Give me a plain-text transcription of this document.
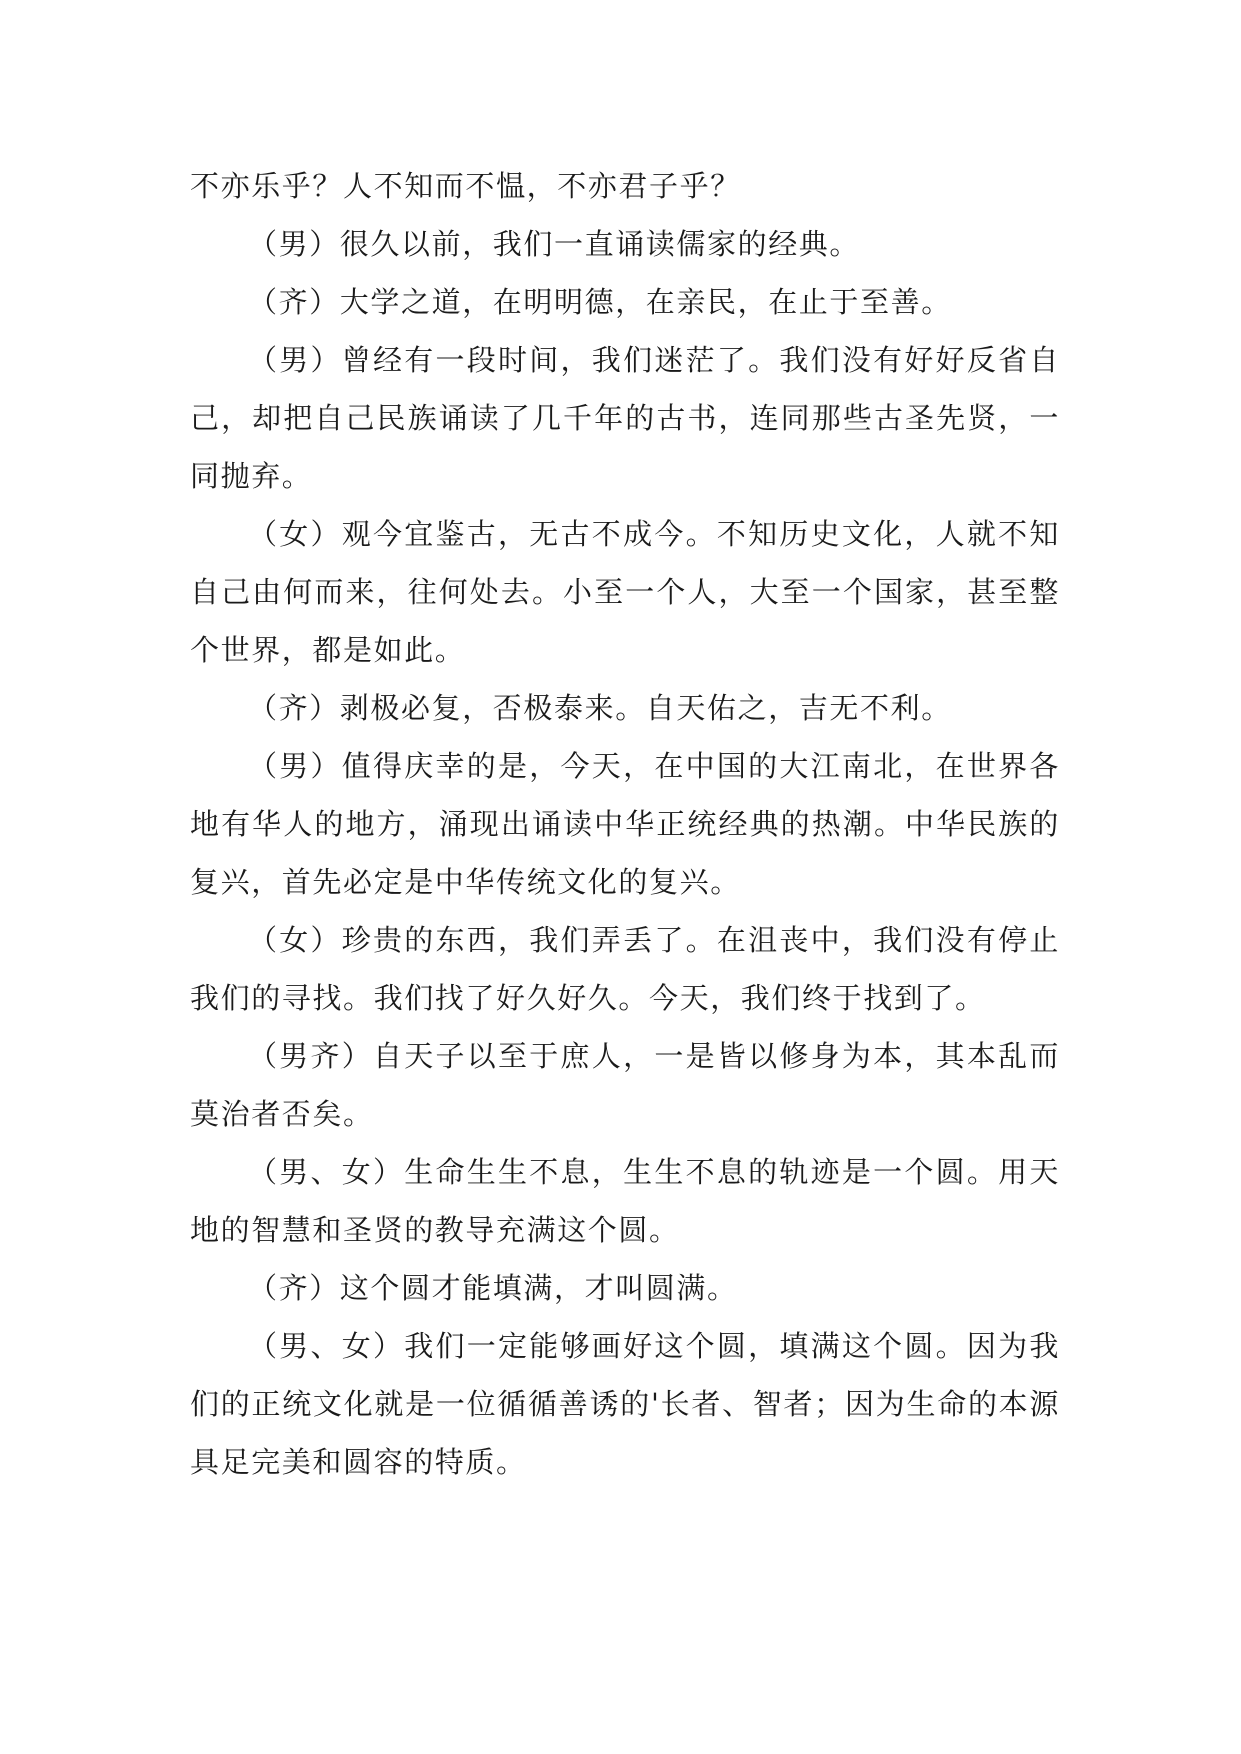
不亦乐乎？人不知而不愠，不亦君子乎？

（男）很久以前，我们一直诵读儒家的经典。

（齐）大学之道，在明明德，在亲民，在止于至善。

（男）曾经有一段时间，我们迷茫了。我们没有好好反省自己，却把自己民族诵读了几千年的古书，连同那些古圣先贤，一同抛弃。

（女）观今宜鉴古，无古不成今。不知历史文化，人就不知自己由何而来，往何处去。小至一个人，大至一个国家，甚至整个世界，都是如此。

（齐）剥极必复，否极泰来。自天佑之，吉无不利。

（男）值得庆幸的是，今天，在中国的大江南北，在世界各地有华人的地方，涌现出诵读中华正统经典的热潮。中华民族的复兴，首先必定是中华传统文化的复兴。

（女）珍贵的东西，我们弄丢了。在沮丧中，我们没有停止我们的寻找。我们找了好久好久。今天，我们终于找到了。

（男齐）自天子以至于庶人，一是皆以修身为本，其本乱而莫治者否矣。

（男、女）生命生生不息，生生不息的轨迹是一个圆。用天地的智慧和圣贤的教导充满这个圆。

（齐）这个圆才能填满，才叫圆满。

（男、女）我们一定能够画好这个圆，填满这个圆。因为我们的正统文化就是一位循循善诱的'长者、智者；因为生命的本源具足完美和圆容的特质。
